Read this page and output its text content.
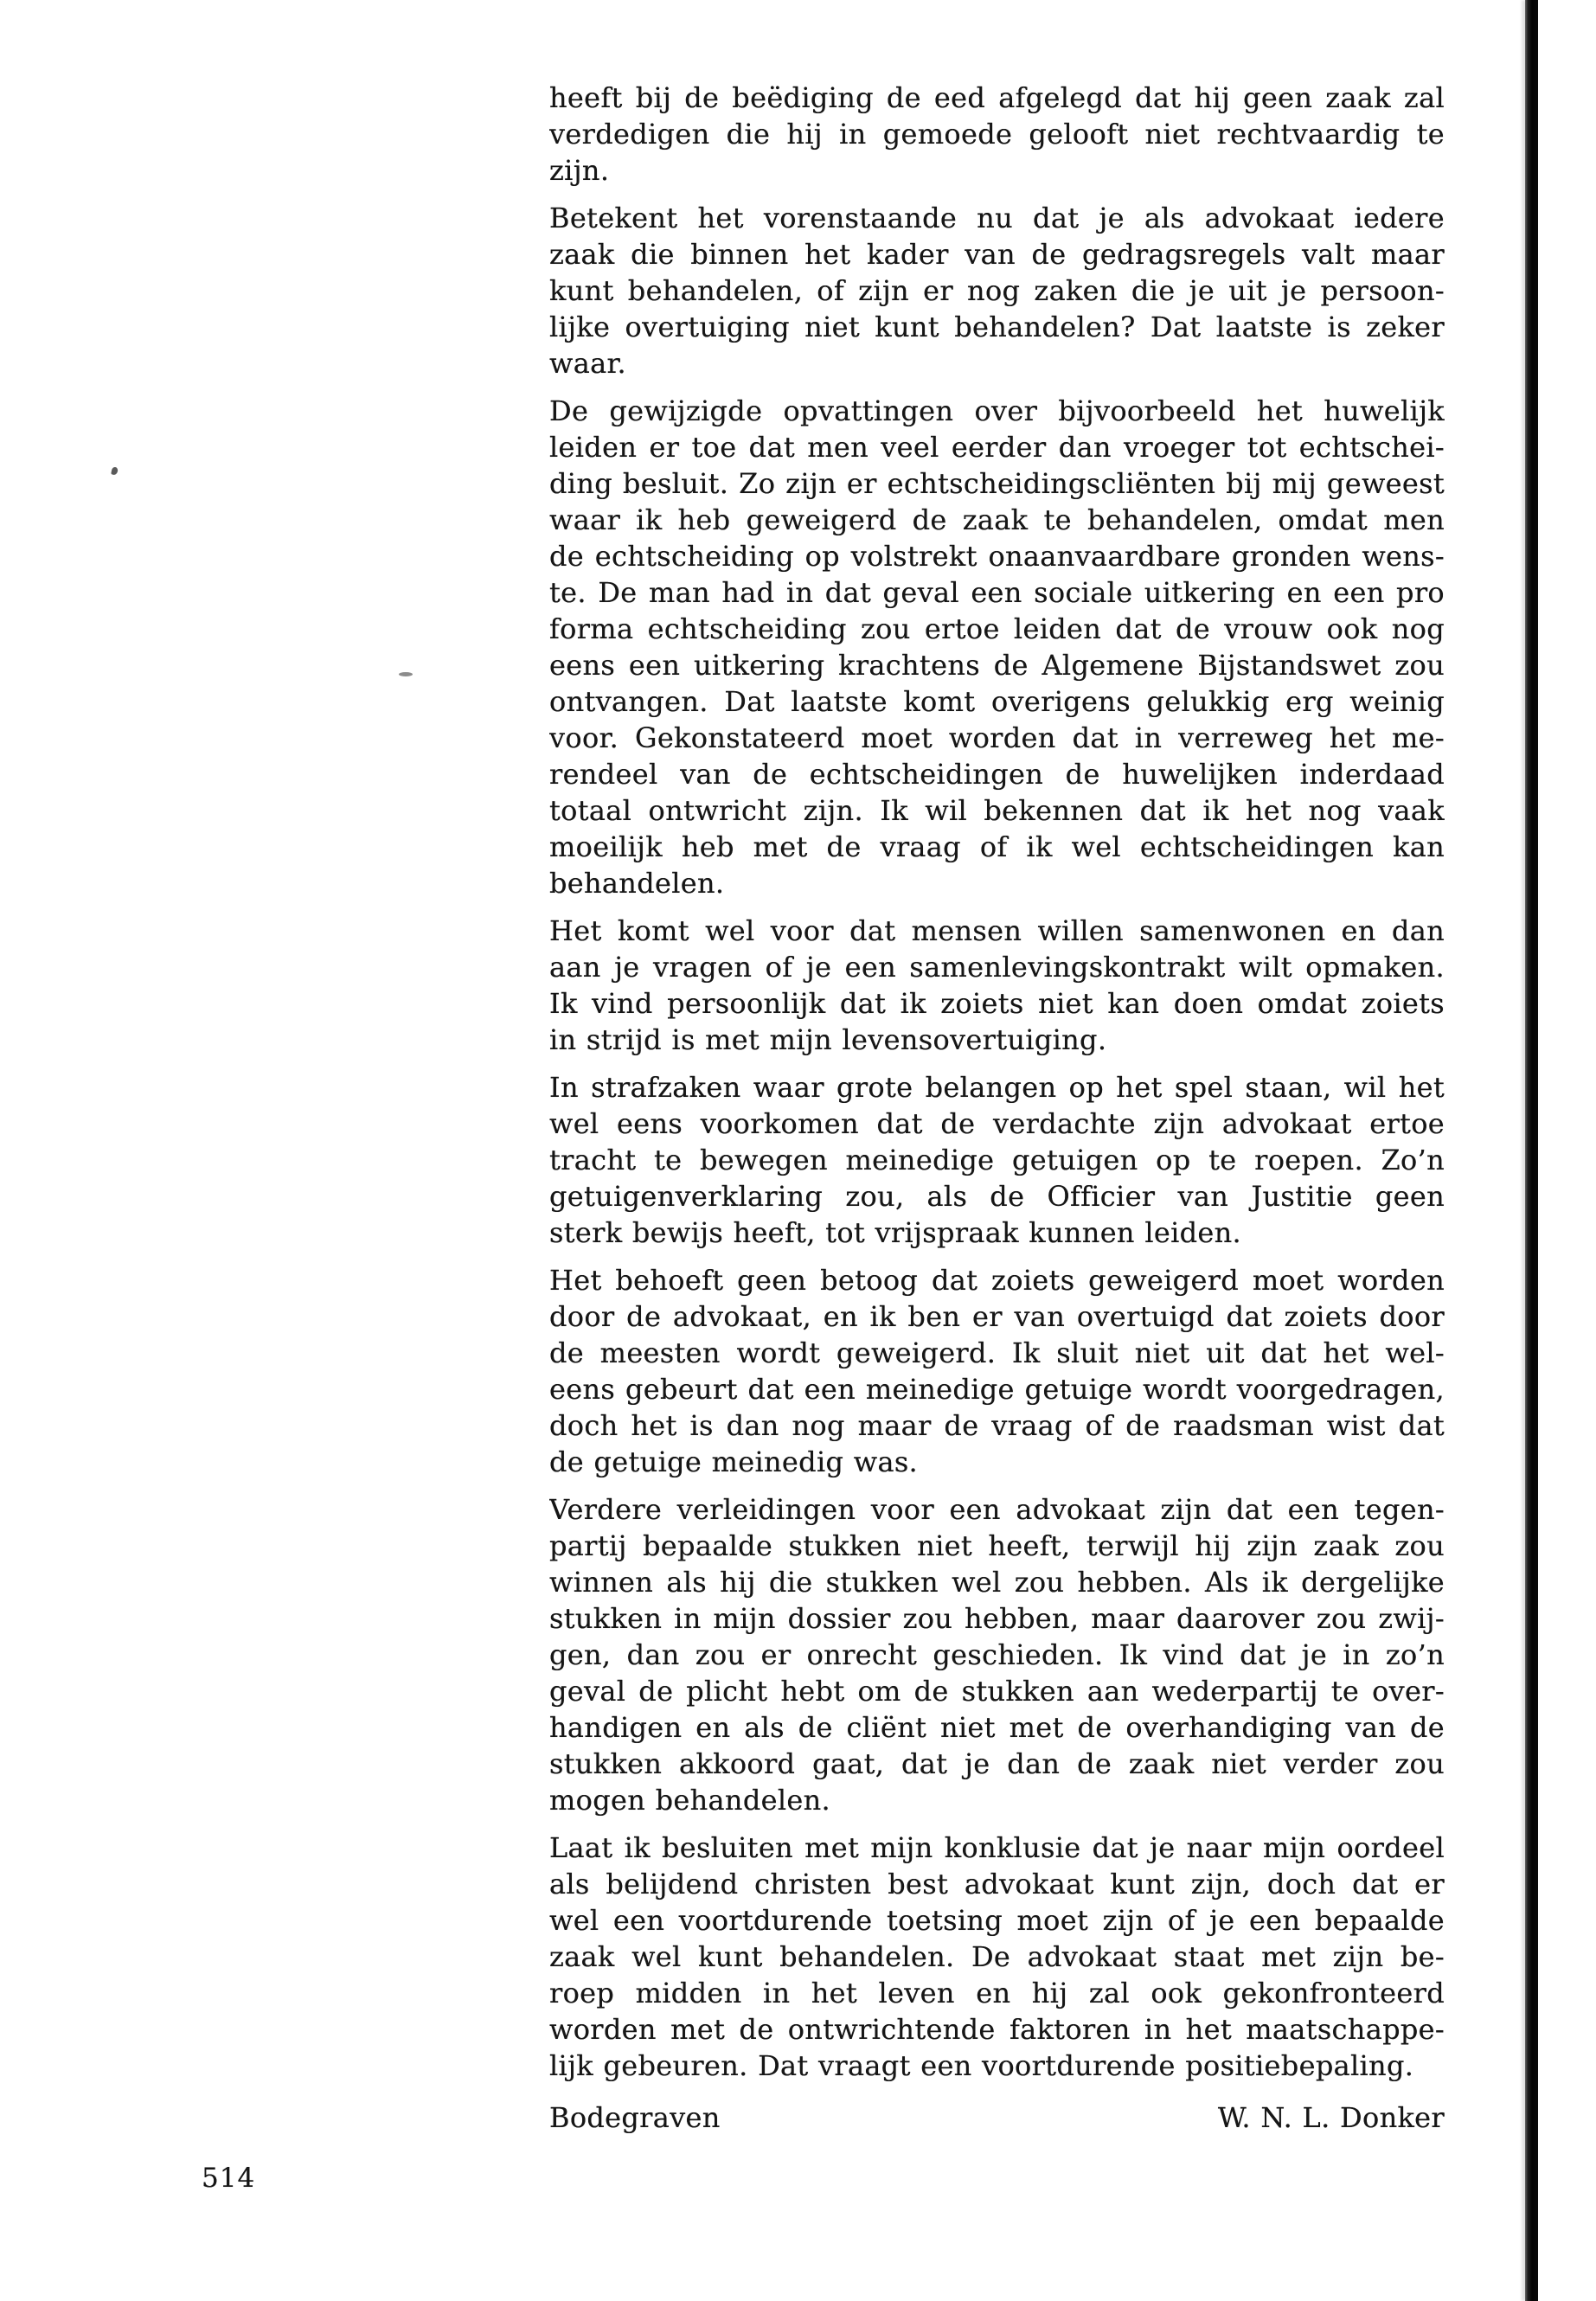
heeft bij de beëdiging de eed afgelegd dat hij geen zaak zal
verdedigen die hij in gemoede gelooft niet rechtvaardig te
zijn.
Betekent het vorenstaande nu dat je als advokaat iedere
zaak die binnen het kader van de gedragsregels valt maar
kunt behandelen, of zijn er nog zaken die je uit je persoon-
lijke overtuiging niet kunt behandelen? Dat laatste is zeker
waar.
De gewijzigde opvattingen over bijvoorbeeld het huwelijk
leiden er toe dat men veel eerder dan vroeger tot echtschei-
ding besluit. Zo zijn er echtscheidingscliënten bij mij geweest
waar ik heb geweigerd de zaak te behandelen, omdat men
de echtscheiding op volstrekt onaanvaardbare gronden wens-
te. De man had in dat geval een sociale uitkering en een pro
forma echtscheiding zou ertoe leiden dat de vrouw ook nog
eens een uitkering krachtens de Algemene Bijstandswet zou
ontvangen. Dat laatste komt overigens gelukkig erg weinig
voor. Gekonstateerd moet worden dat in verreweg het me-
rendeel van de echtscheidingen de huwelijken inderdaad
totaal ontwricht zijn. Ik wil bekennen dat ik het nog vaak
moeilijk heb met de vraag of ik wel echtscheidingen kan
behandelen.
Het komt wel voor dat mensen willen samenwonen en dan
aan je vragen of je een samenlevingskontrakt wilt opmaken.
Ik vind persoonlijk dat ik zoiets niet kan doen omdat zoiets
in strijd is met mijn levensovertuiging.
In strafzaken waar grote belangen op het spel staan, wil het
wel eens voorkomen dat de verdachte zijn advokaat ertoe
tracht te bewegen meinedige getuigen op te roepen. Zo’n
getuigenverklaring zou, als de Officier van Justitie geen
sterk bewijs heeft, tot vrijspraak kunnen leiden.
Het behoeft geen betoog dat zoiets geweigerd moet worden
door de advokaat, en ik ben er van overtuigd dat zoiets door
de meesten wordt geweigerd. Ik sluit niet uit dat het wel-
eens gebeurt dat een meinedige getuige wordt voorgedragen,
doch het is dan nog maar de vraag of de raadsman wist dat
de getuige meinedig was.
Verdere verleidingen voor een advokaat zijn dat een tegen-
partij bepaalde stukken niet heeft, terwijl hij zijn zaak zou
winnen als hij die stukken wel zou hebben. Als ik dergelijke
stukken in mijn dossier zou hebben, maar daarover zou zwij-
gen, dan zou er onrecht geschieden. Ik vind dat je in zo’n
geval de plicht hebt om de stukken aan wederpartij te over-
handigen en als de cliënt niet met de overhandiging van de
stukken akkoord gaat, dat je dan de zaak niet verder zou
mogen behandelen.
Laat ik besluiten met mijn konklusie dat je naar mijn oordeel
als belijdend christen best advokaat kunt zijn, doch dat er
wel een voortdurende toetsing moet zijn of je een bepaalde
zaak wel kunt behandelen. De advokaat staat met zijn be-
roep midden in het leven en hij zal ook gekonfronteerd
worden met de ontwrichtende faktoren in het maatschappe-
lijk gebeuren. Dat vraagt een voortdurende positiebepaling.
Bodegraven	W. N. L. Donker
514
